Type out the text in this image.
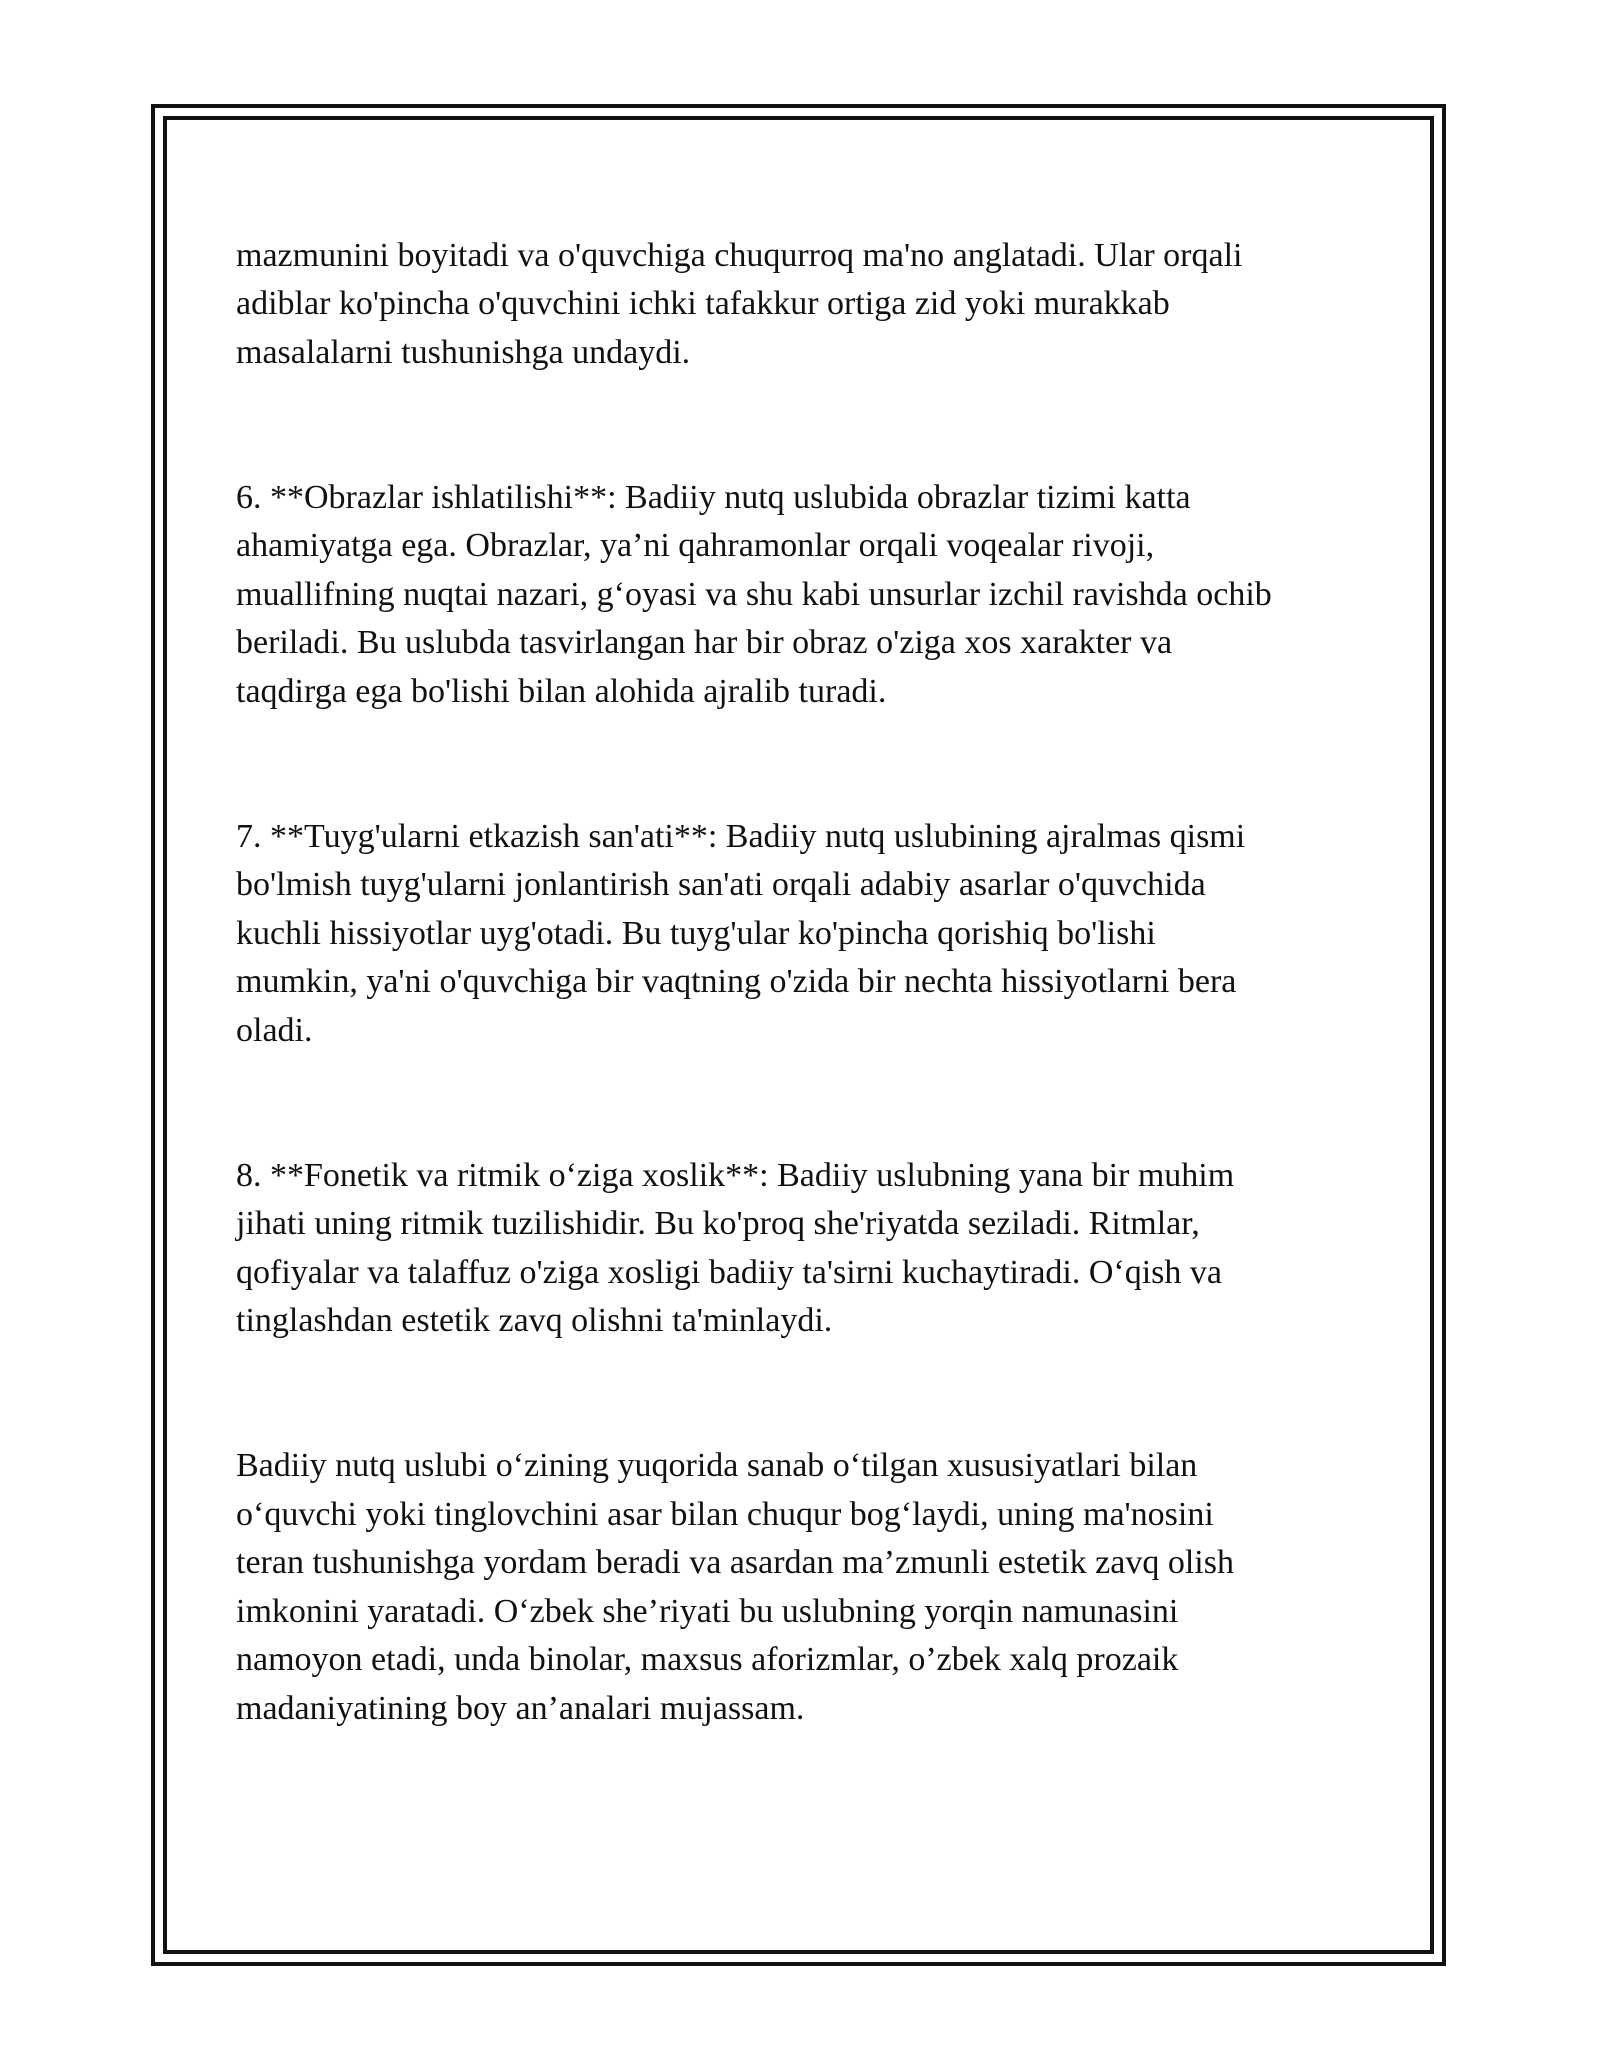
mazmunini boyitadi va o'quvchiga chuqurroq ma'no anglatadi. Ular orqali
adiblar ko'pincha o'quvchini ichki tafakkur ortiga zid yoki murakkab
masalalarni tushunishga undaydi.

6. **Obrazlar ishlatilishi**: Badiiy nutq uslubida obrazlar tizimi katta
ahamiyatga ega. Obrazlar, ya’ni qahramonlar orqali voqealar rivoji,
muallifning nuqtai nazari, g‘oyasi va shu kabi unsurlar izchil ravishda ochib
beriladi. Bu uslubda tasvirlangan har bir obraz o'ziga xos xarakter va
taqdirga ega bo'lishi bilan alohida ajralib turadi.

7. **Tuyg'ularni etkazish san'ati**: Badiiy nutq uslubining ajralmas qismi
bo'lmish tuyg'ularni jonlantirish san'ati orqali adabiy asarlar o'quvchida
kuchli hissiyotlar uyg'otadi. Bu tuyg'ular ko'pincha qorishiq bo'lishi
mumkin, ya'ni o'quvchiga bir vaqtning o'zida bir nechta hissiyotlarni bera
oladi.

8. **Fonetik va ritmik o‘ziga xoslik**: Badiiy uslubning yana bir muhim
jihati uning ritmik tuzilishidir. Bu ko'proq she'riyatda seziladi. Ritmlar,
qofiyalar va talaffuz o'ziga xosligi badiiy ta'sirni kuchaytiradi. O‘qish va
tinglashdan estetik zavq olishni ta'minlaydi.

Badiiy nutq uslubi o‘zining yuqorida sanab o‘tilgan xususiyatlari bilan
o‘quvchi yoki tinglovchini asar bilan chuqur bog‘laydi, uning ma'nosini
teran tushunishga yordam beradi va asardan ma’zmunli estetik zavq olish
imkonini yaratadi. O‘zbek she’riyati bu uslubning yorqin namunasini
namoyon etadi, unda binolar, maxsus aforizmlar, o’zbek xalq prozaik
madaniyatining boy an’analari mujassam.
